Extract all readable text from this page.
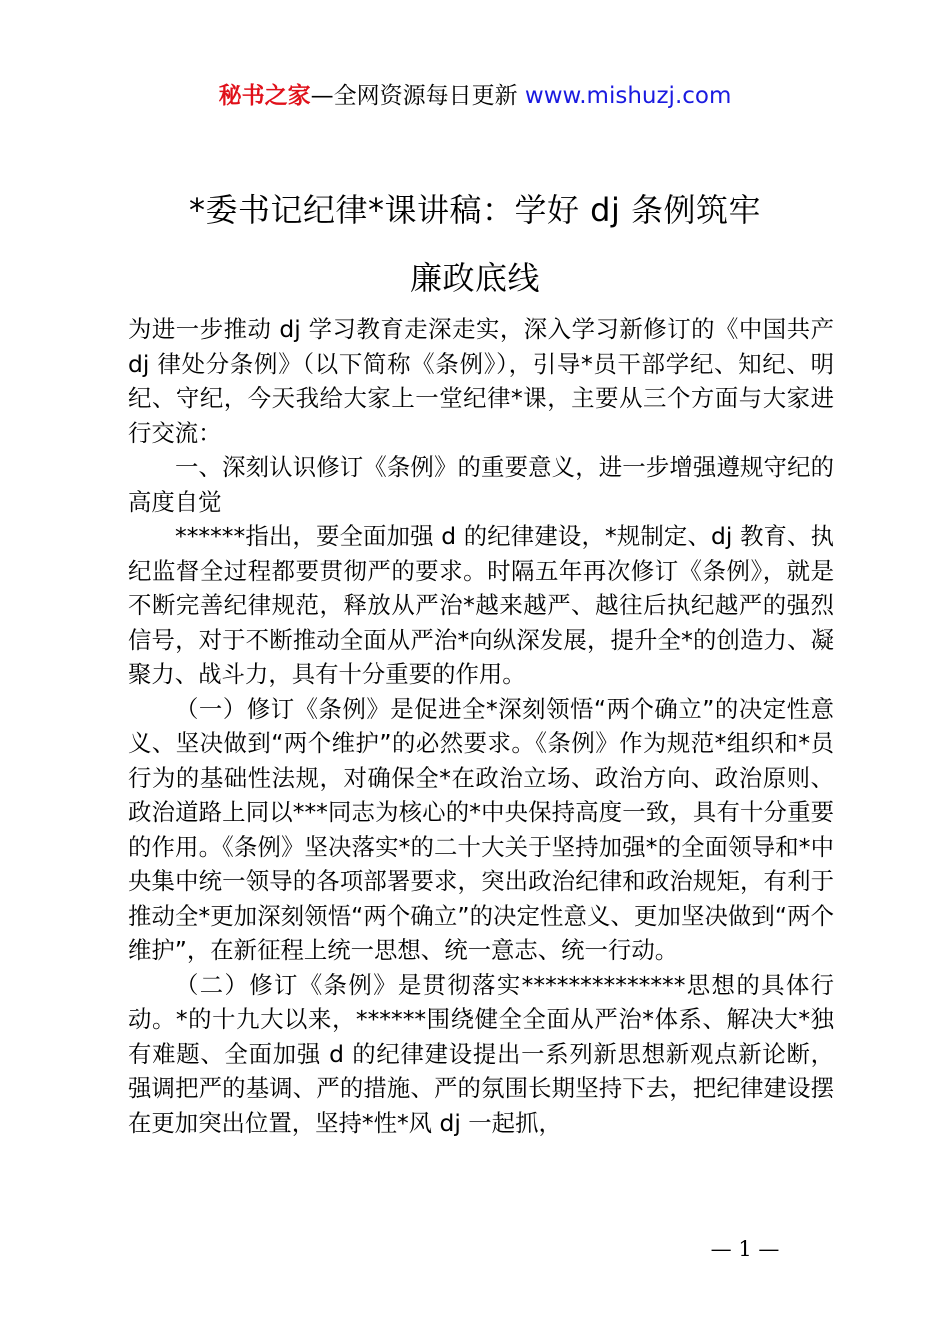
秘书之家—全网资源每日更新 www.mishuzj.com
*委书记纪律*课讲稿：学好 dj 条例筑牢
廉政底线

为进一步推动 dj 学习教育走深走实，深入学习新修订的《中国共产 dj 律处分条例》（以下简称《条例》），引导*员干部学纪、知纪、明纪、守纪，今天我给大家上一堂纪律*课，主要从三个方面与大家进行交流：

一、深刻认识修订《条例》的重要意义，进一步增强遵规守纪的高度自觉

******指出，要全面加强 d 的纪律建设，*规制定、dj 教育、执纪监督全过程都要贯彻严的要求。时隔五年再次修订《条例》，就是不断完善纪律规范，释放从严治*越来越严、越往后执纪越严的强烈信号，对于不断推动全面从严治*向纵深发展，提升全*的创造力、凝聚力、战斗力，具有十分重要的作用。

（一）修订《条例》是促进全*深刻领悟“两个确立”的决定性意义、坚决做到“两个维护”的必然要求。《条例》作为规范*组织和*员行为的基础性法规，对确保全*在政治立场、政治方向、政治原则、政治道路上同以***同志为核心的*中央保持高度一致，具有十分重要的作用。《条例》坚决落实*的二十大关于坚持加强*的全面领导和*中央集中统一领导的各项部署要求，突出政治纪律和政治规矩，有利于推动全*更加深刻领悟“两个确立”的决定性意义、更加坚决做到“两个维护”，在新征程上统一思想、统一意志、统一行动。

（二）修订《条例》是贯彻落实**************思想的具体行动。*的十九大以来，******围绕健全全面从严治*体系、解决大*独有难题、全面加强 d 的纪律建设提出一系列新思想新观点新论断，强调把严的基调、严的措施、严的氛围长期坚持下去，把纪律建设摆在更加突出位置，坚持*性*风 dj 一起抓，

— 1 —
